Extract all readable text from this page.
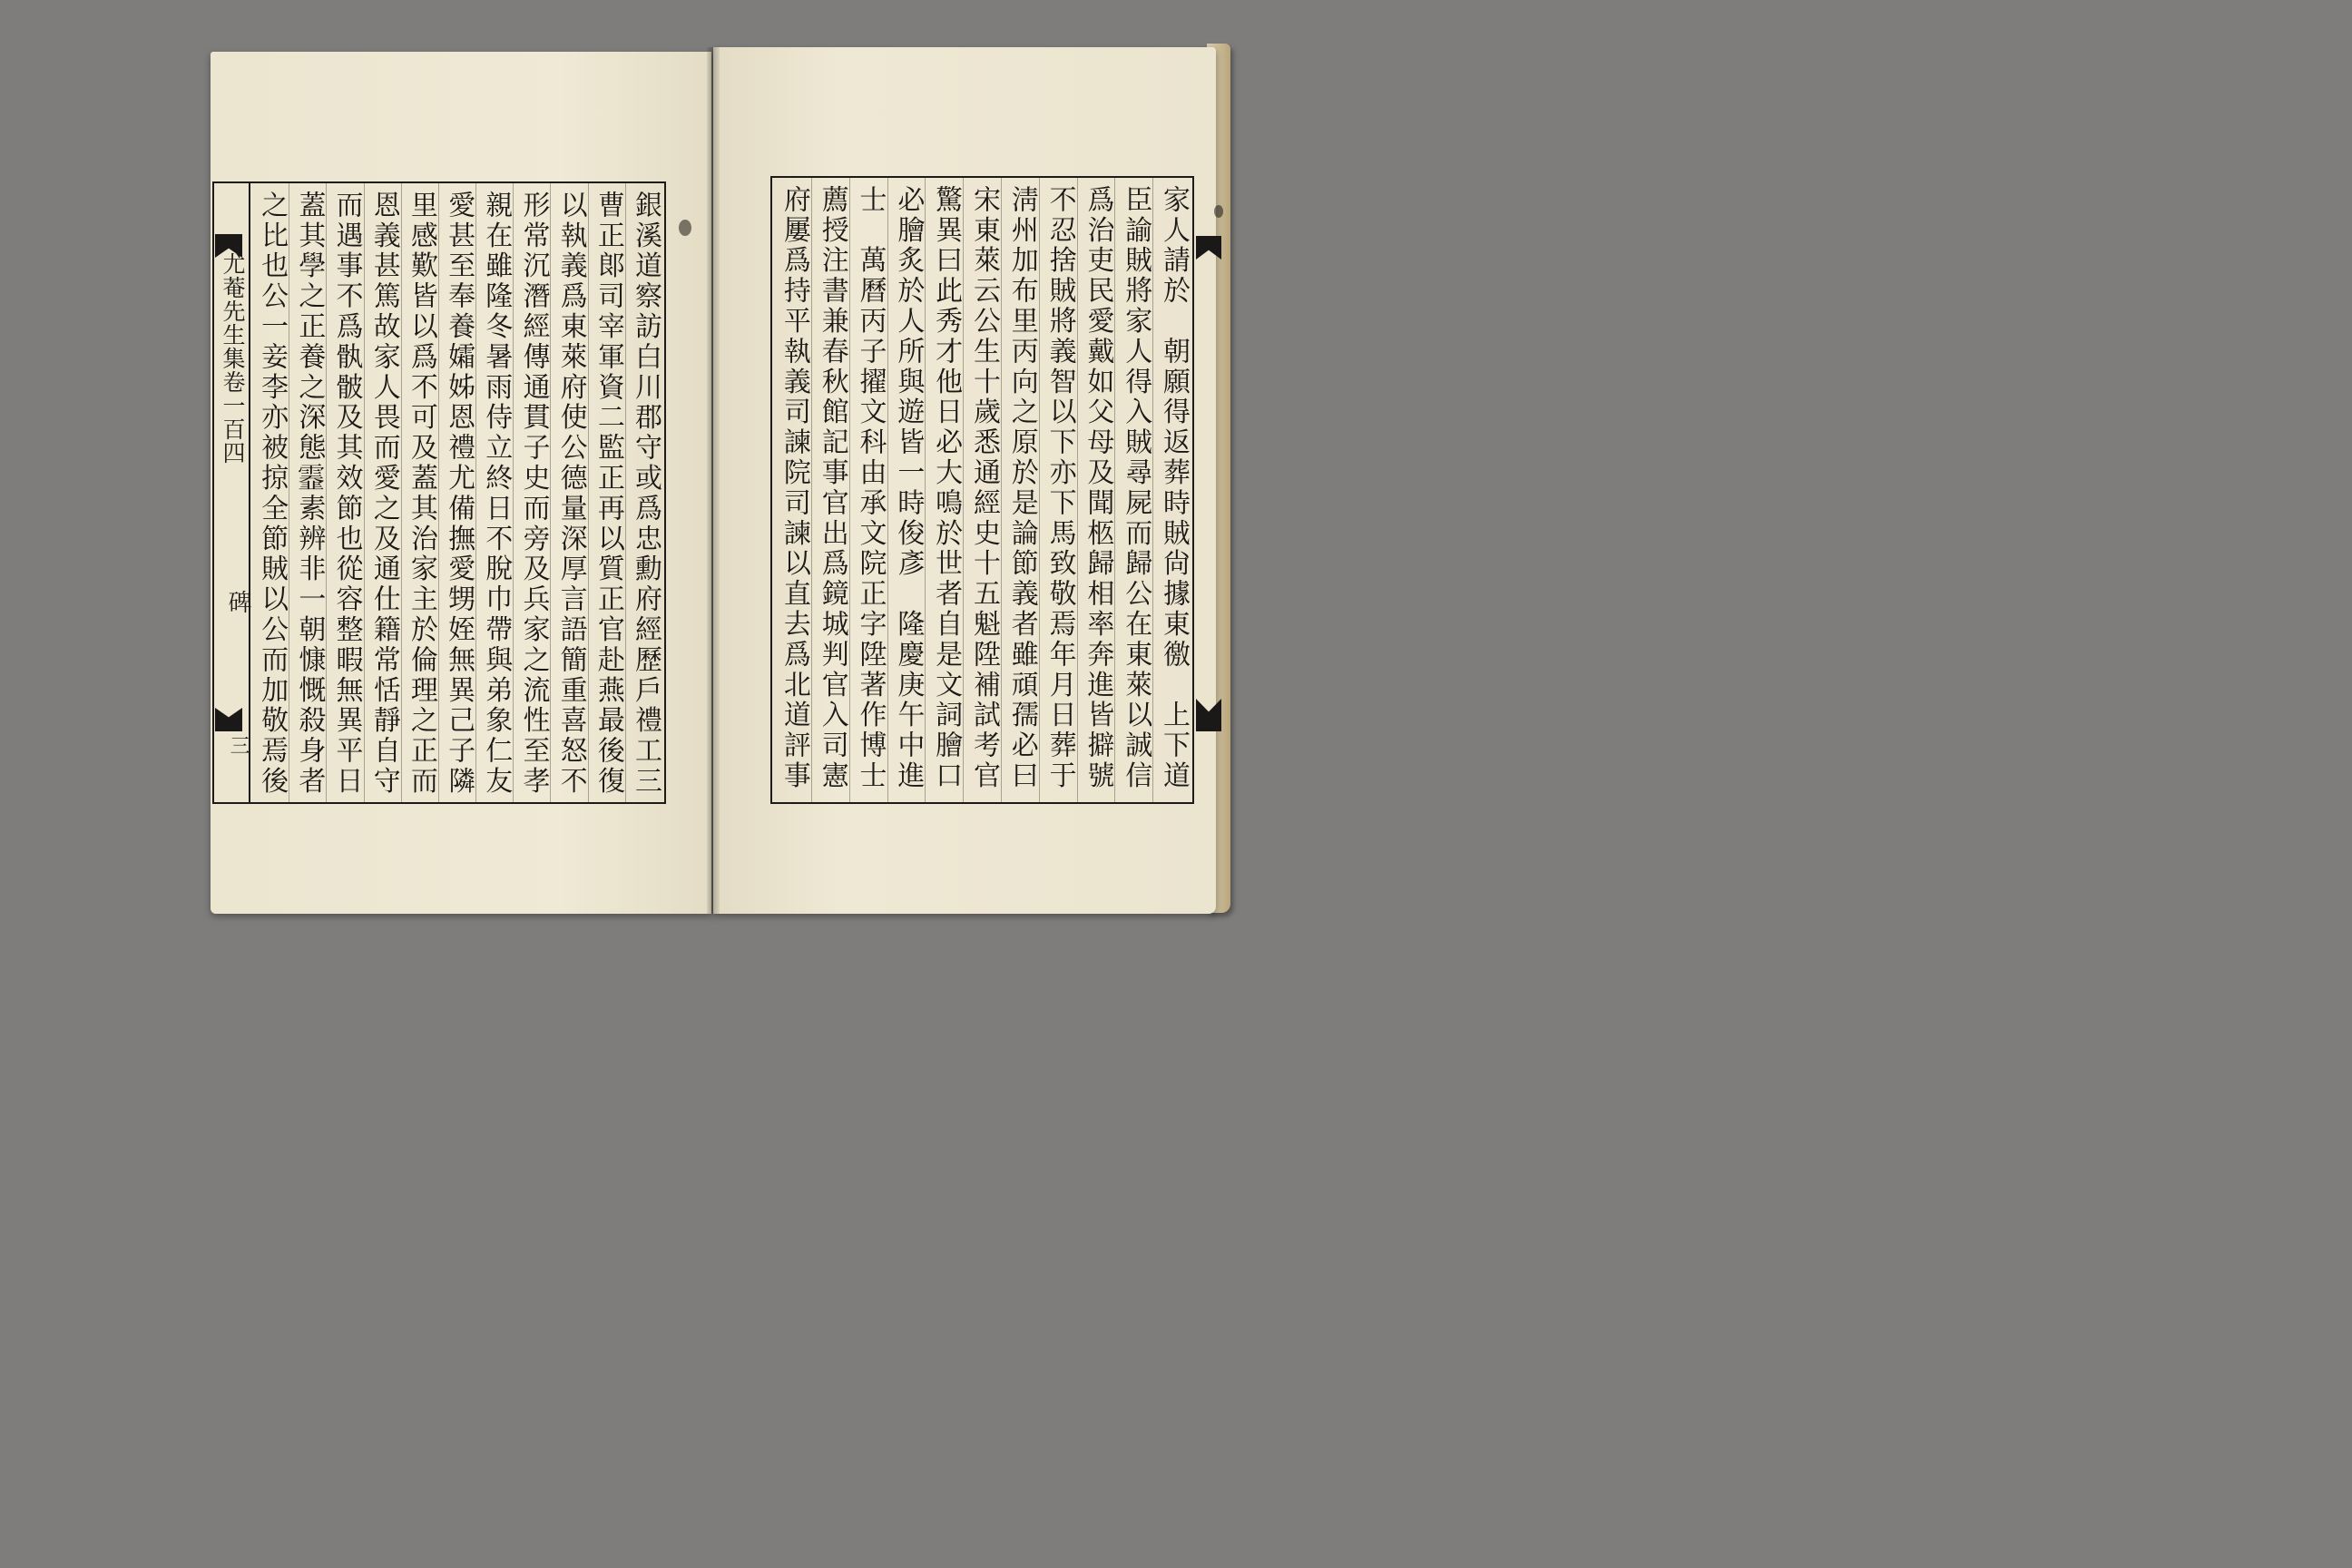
尤菴先生集卷一百四
碑
三	銀溪道察訪白川郡守或爲忠勳府經歷戶禮工三
曹正郞司宰軍資二監正再以質正官赴燕最後復
以執義爲東萊府使公德量深厚言語簡重喜怒不
形常沉潛經傳通貫子史而旁及兵家之流性至孝
親在雖隆冬暑雨侍立終日不脫巾帶與弟象仁友
愛甚至奉養孀姊恩禮尤備撫愛甥姪無異己子隣
里感歎皆以爲不可及蓋其治家主於倫理之正而
恩義甚篤故家人畏而愛之及通仕籍常恬靜自守
而遇事不爲骫骳及其效節也從容整暇無異平日
蓋其學之正養之深態𩆅素辨非一朝慷慨殺身者
之比也公一妾李亦被掠全節賊以公而加敬焉後	家人請於　朝願得返葬時賊尙據東徼　上下道
臣諭賊將家人得入賊尋屍而歸公在東萊以誠信
爲治吏民愛戴如父母及聞柩歸相率奔進皆擗號
不忍捨賊將義智以下亦下馬致敬焉年月日葬于
淸州加布里丙向之原於是論節義者雖頑孺必曰
宋東萊云公生十歲悉通經史十五魁陞補試考官
驚異曰此秀才他日必大鳴於世者自是文詞膾口
必膾炙於人所與遊皆一時俊彥　隆慶庚午中進
士　萬曆丙子擢文科由承文院正字陞著作博士
薦授注書兼春秋館記事官出爲鏡城判官入司憲
府屢爲持平執義司諫院司諫以直去爲北道評事
